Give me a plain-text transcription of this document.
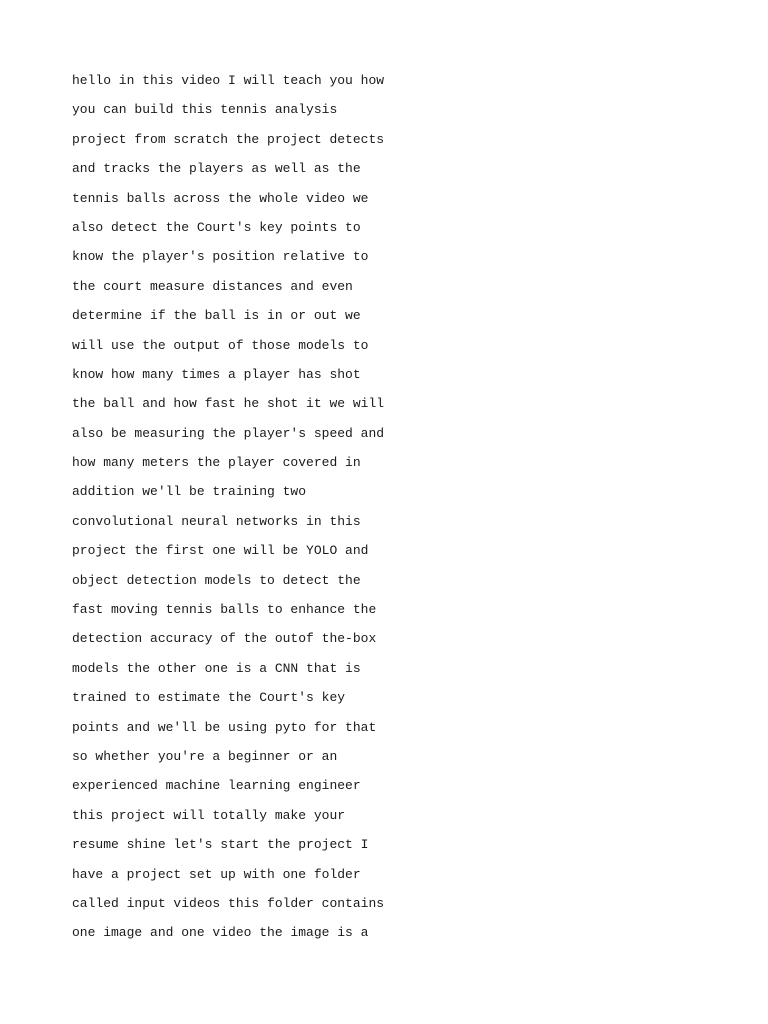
hello in this video I will teach you how
you can build this tennis analysis
project from scratch the project detects
and tracks the players as well as the
tennis balls across the whole video we
also detect the Court's key points to
know the player's position relative to
the court measure distances and even
determine if the ball is in or out we
will use the output of those models to
know how many times a player has shot
the ball and how fast he shot it we will
also be measuring the player's speed and
how many meters the player covered in
addition we'll be training two
convolutional neural networks in this
project the first one will be YOLO and
object detection models to detect the
fast moving tennis balls to enhance the
detection accuracy of the outof the-box
models the other one is a CNN that is
trained to estimate the Court's key
points and we'll be using pyto for that
so whether you're a beginner or an
experienced machine learning engineer
this project will totally make your
resume shine let's start the project I
have a project set up with one folder
called input videos this folder contains
one image and one video the image is a
